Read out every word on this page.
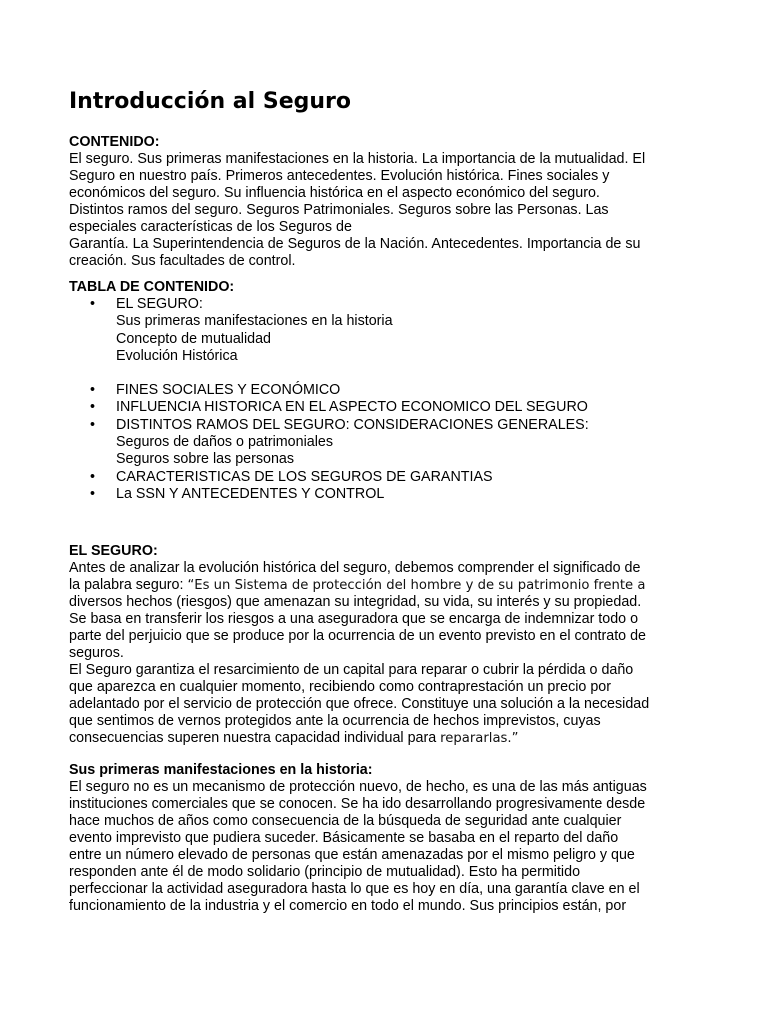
Introducción al Seguro

CONTENIDO:

El seguro. Sus primeras manifestaciones en la historia. La importancia de la mutualidad. El

Seguro en nuestro país. Primeros antecedentes. Evolución histórica. Fines sociales y

económicos del seguro. Su influencia histórica en el aspecto económico del seguro.

Distintos ramos del seguro. Seguros Patrimoniales. Seguros sobre las Personas. Las

especiales características de los Seguros de

Garantía. La Superintendencia de Seguros de la Nación. Antecedentes. Importancia de su

creación. Sus facultades de control.

TABLA DE CONTENIDO:

• EL SEGURO:
Sus primeras manifestaciones en la historia
Concepto de mutualidad
Evolución Histórica
• FINES SOCIALES Y ECONÓMICO
• INFLUENCIA HISTORICA EN EL ASPECTO ECONOMICO DEL SEGURO
• DISTINTOS RAMOS DEL SEGURO: CONSIDERACIONES GENERALES:
Seguros de daños o patrimoniales
Seguros sobre las personas
• CARACTERISTICAS DE LOS SEGUROS DE GARANTIAS
• La SSN Y ANTECEDENTES Y CONTROL

EL SEGURO:

Antes de analizar la evolución histórica del seguro, debemos comprender el significado de

la palabra seguro: “Es un Sistema de protección del hombre y de su patrimonio frente a

diversos hechos (riesgos) que amenazan su integridad, su vida, su interés y su propiedad.

Se basa en transferir los riesgos a una aseguradora que se encarga de indemnizar todo o

parte del perjuicio que se produce por la ocurrencia de un evento previsto en el contrato de

seguros.

El Seguro garantiza el resarcimiento de un capital para reparar o cubrir la pérdida o daño

que aparezca en cualquier momento, recibiendo como contraprestación un precio por

adelantado por el servicio de protección que ofrece. Constituye una solución a la necesidad

que sentimos de vernos protegidos ante la ocurrencia de hechos imprevistos, cuyas

consecuencias superen nuestra capacidad individual para repararlas.”

Sus primeras manifestaciones en la historia:

El seguro no es un mecanismo de protección nuevo, de hecho, es una de las más antiguas

instituciones comerciales que se conocen. Se ha ido desarrollando progresivamente desde

hace muchos de años como consecuencia de la búsqueda de seguridad ante cualquier

evento imprevisto que pudiera suceder. Básicamente se basaba en el reparto del daño

entre un número elevado de personas que están amenazadas por el mismo peligro y que

responden ante él de modo solidario (principio de mutualidad). Esto ha permitido

perfeccionar la actividad aseguradora hasta lo que es hoy en día, una garantía clave en el

funcionamiento de la industria y el comercio en todo el mundo. Sus principios están, por
